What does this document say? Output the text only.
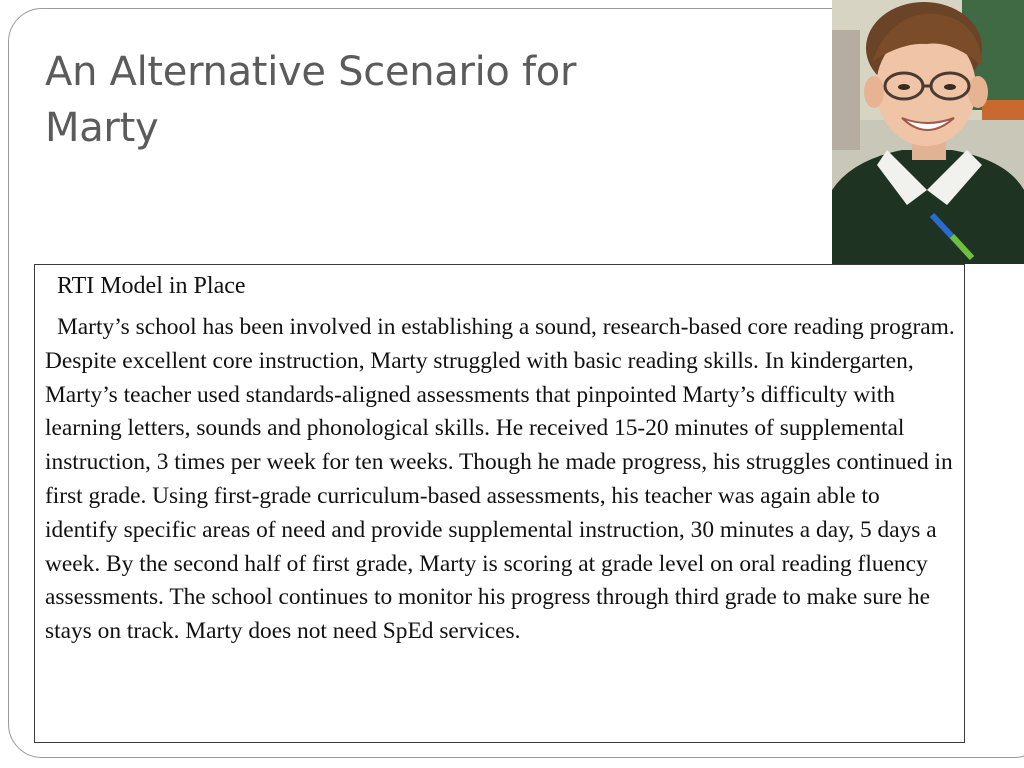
An Alternative Scenario for
Marty

RTI Model in Place

Marty’s school has been involved in establishing a sound, research-based core reading program. Despite excellent core instruction, Marty struggled with basic reading skills. In kindergarten, Marty’s teacher used standards-aligned assessments that pinpointed Marty’s difficulty with learning letters, sounds and phonological skills. He received 15-20 minutes of supplemental instruction, 3 times per week for ten weeks. Though he made progress, his struggles continued in first grade. Using first-grade curriculum-based assessments, his teacher was again able to identify specific areas of need and provide supplemental instruction, 30 minutes a day, 5 days a week. By the second half of first grade, Marty is scoring at grade level on oral reading fluency assessments. The school continues to monitor his progress through third grade to make sure he stays on track. Marty does not need SpEd services.
